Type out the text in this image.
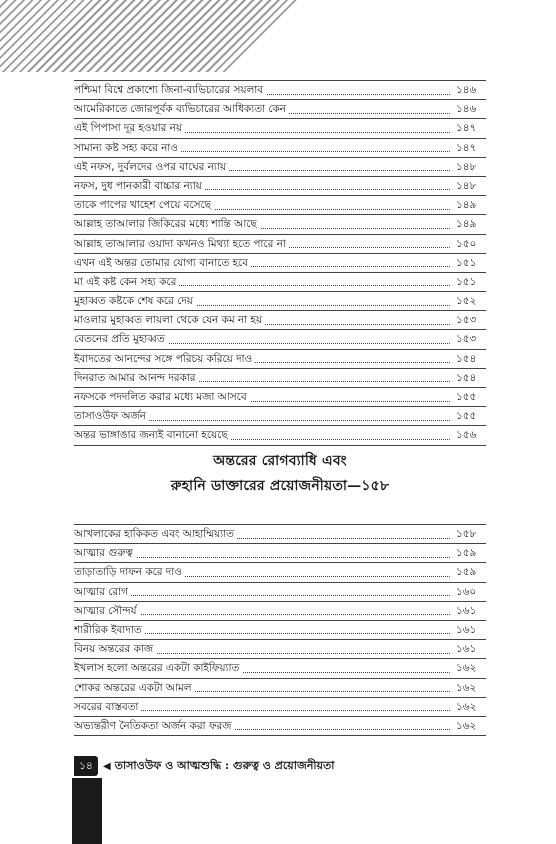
পশ্চিমা বিশ্বে প্রকাশ্যে জিনা-ব্যভিচারের সয়লাব	১৪৬
আমেরিকাতে জোরপূর্বক ব্যভিচারের আধিক্যতা কেন	১৪৬
এই পিপাসা দূর হওয়ার নয়	১৪৭
সামান্য কষ্ট সহ্য করে নাও	১৪৭
এই নফস, দুর্বলদের ওপর বাঘের ন্যায়	১৪৮
নফস, দুধ পানকারী বাচ্চার ন্যায়	১৪৮
তাকে পাপের খাহেশ পেয়ে বসেছে	১৪৯
আল্লাহ তাআলার জিকিরের মধ্যে শান্তি আছে	১৪৯
আল্লাহ তাআলার ওয়াদা কখনও মিথ্যা হতে পারে না	১৫০
এখন এই অন্তর তোমার যোগ্য বানাতে হবে	১৫১
মা এই কষ্ট কেন সহ্য করে	১৫১
মুহাব্বত কষ্টকে শেষ করে দেয়	১৫২
মাওলার মুহাব্বত লায়লা থেকে যেন কম না হয়	১৫৩
বেতনের প্রতি মুহাব্বত	১৫৩
ইবাদতের আনন্দের সঙ্গে পরিচয় করিয়ে দাও	১৫৪
দিনরাত আমার আনন্দ দরকার	১৫৪
নফসকে পদদলিত করার মধ্যে মজা আসবে	১৫৫
তাসাওউফ অর্জন	১৫৫
অন্তর ভাঙ্গাঙার জন্যই বানানো হয়েছে	১৫৬
অন্তরের রোগব্যাধি এবং
রুহানি ডাক্তারের প্রয়োজনীয়তা—১৫৮
আখলাকের হাকিকত এবং আহাম্মিয়্যাত	১৫৮
আত্মার গুরুত্ব	১৫৯
তাড়াতাড়ি দাফন করে দাও	১৫৯
আত্মার রোগ	১৬০
আত্মার সৌন্দর্য	১৬১
শারীরিক ইবাদাত	১৬১
বিনয় অন্তরের কাজ	১৬১
ইখলাস হলো অন্তরের একটা কাইফিয়্যাত	১৬২
শোকর অন্তরের একটা আমল	১৬২
সবরের বাস্তবতা	১৬২
অভ্যন্তরীণ নৈতিকতা অর্জন করা ফরজ	১৬২
১৪	◀ তাসাওউফ ও আত্মশুদ্ধি : গুরুত্ব ও প্রয়োজনীয়তা
